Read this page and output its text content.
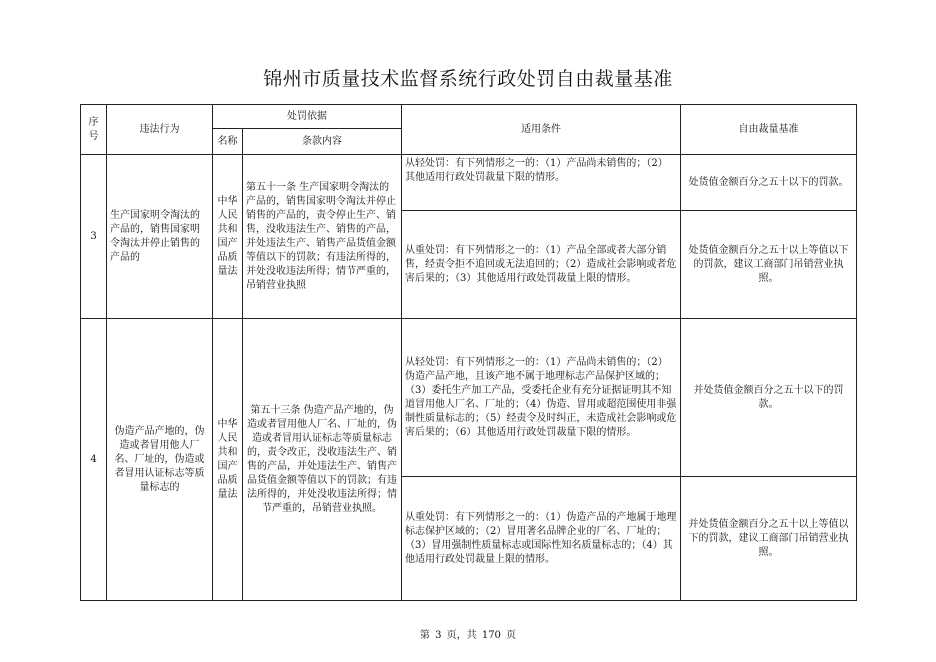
锦州市质量技术监督系统行政处罚自由裁量基准
序号	违法行为	处罚依据		适用条件	自由裁量基准
		名称	条款内容		
3	生产国家明令淘汰的产品的，销售国家明令淘汰并停止销售的产品的	中华人民共和国产品质量法	第五十一条 生产国家明令淘汰的产品的，销售国家明令淘汰并停止销售的产品的，责令停止生产、销售，没收违法生产、销售的产品，并处违法生产、销售产品货值金额等值以下的罚款；有违法所得的，并处没收违法所得；情节严重的，吊销营业执照	从轻处罚：有下列情形之一的：（1）产品尚未销售的；（2）其他适用行政处罚裁量下限的情形。	处货值金额百分之五十以下的罚款。
				从重处罚：有下列情形之一的：（1）产品全部或者大部分销售，经责令拒不追回或无法追回的；（2）造成社会影响或者危害后果的；（3）其他适用行政处罚裁量上限的情形。	处货值金额百分之五十以上等值以下的罚款，建议工商部门吊销营业执照。
4	伪造产品产地的，伪造或者冒用他人厂名、厂址的，伪造或者冒用认证标志等质量标志的	中华人民共和国产品质量法	第五十三条 伪造产品产地的，伪造或者冒用他人厂名、厂址的，伪造或者冒用认证标志等质量标志的，责令改正，没收违法生产、销售的产品，并处违法生产、销售产品货值金额等值以下的罚款；有违法所得的，并处没收违法所得；情节严重的，吊销营业执照。	从轻处罚：有下列情形之一的：（1）产品尚未销售的；（2）伪造产品产地，且该产地不属于地理标志产品保护区域的；（3）委托生产加工产品，受委托企业有充分证据证明其不知道冒用他人厂名、厂址的；（4）伪造、冒用或超范围使用非强制性质量标志的；（5）经责令及时纠正，未造成社会影响或危害后果的；（6）其他适用行政处罚裁量下限的情形。	并处货值金额百分之五十以下的罚款。
				从重处罚：有下列情形之一的：（1）伪造产品的产地属于地理标志保护区域的；（2）冒用著名品牌企业的厂名、厂址的；（3）冒用强制性质量标志或国际性知名质量标志的；（4）其他适用行政处罚裁量上限的情形。	并处货值金额百分之五十以上等值以下的罚款，建议工商部门吊销营业执照。
第 3 页，共 170 页
